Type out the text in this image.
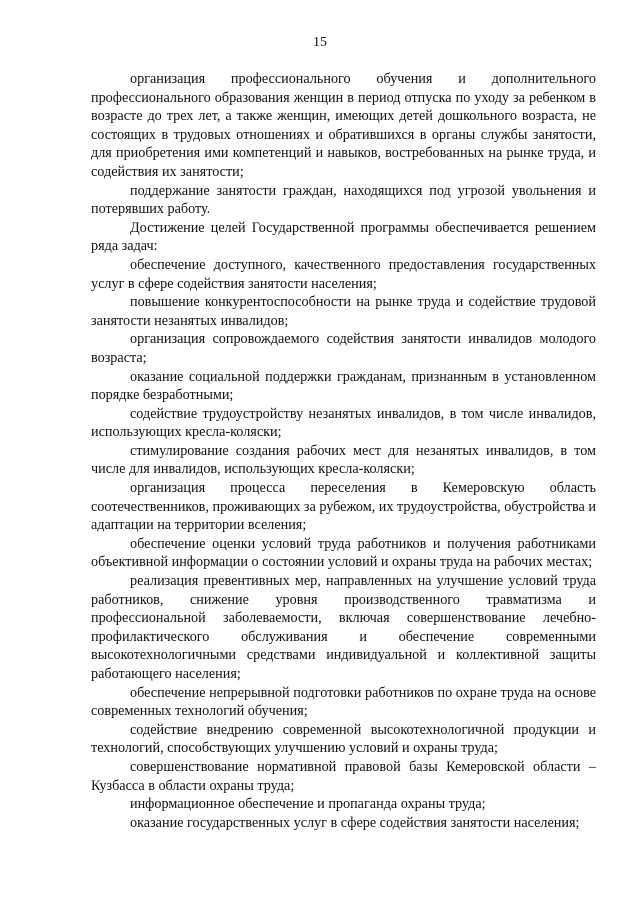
15

организация профессионального обучения и дополнительного профессионального образования женщин в период отпуска по уходу за ребенком в возрасте до трех лет, а также женщин, имеющих детей дошкольного возраста, не состоящих в трудовых отношениях и обратившихся в органы службы занятости, для приобретения ими компетенций и навыков, востребованных на рынке труда, и содействия их занятости;

поддержание занятости граждан, находящихся под угрозой увольнения и потерявших работу.

Достижение целей Государственной программы обеспечивается решением ряда задач:

обеспечение доступного, качественного предоставления государственных услуг в сфере содействия занятости населения;

повышение конкурентоспособности на рынке труда и содействие трудовой занятости незанятых инвалидов;

организация сопровождаемого содействия занятости инвалидов молодого возраста;

оказание социальной поддержки гражданам, признанным в установленном порядке безработными;

содействие трудоустройству незанятых инвалидов, в том числе инвалидов, использующих кресла-коляски;

стимулирование создания рабочих мест для незанятых инвалидов, в том числе для инвалидов, использующих кресла-коляски;

организация процесса переселения в Кемеровскую область соотечественников, проживающих за рубежом, их трудоустройства, обустройства и адаптации на территории вселения;

обеспечение оценки условий труда работников и получения работниками объективной информации о состоянии условий и охраны труда на рабочих местах;

реализация превентивных мер, направленных на улучшение условий труда работников, снижение уровня производственного травматизма и профессиональной заболеваемости, включая совершенствование лечебно-профилактического обслуживания и обеспечение современными высокотехнологичными средствами индивидуальной и коллективной защиты работающего населения;

обеспечение непрерывной подготовки работников по охране труда на основе современных технологий обучения;

содействие внедрению современной высокотехнологичной продукции и технологий, способствующих улучшению условий и охраны труда;

совершенствование нормативной правовой базы Кемеровской области – Кузбасса в области охраны труда;

информационное обеспечение и пропаганда охраны труда;

оказание государственных услуг в сфере содействия занятости населения;
